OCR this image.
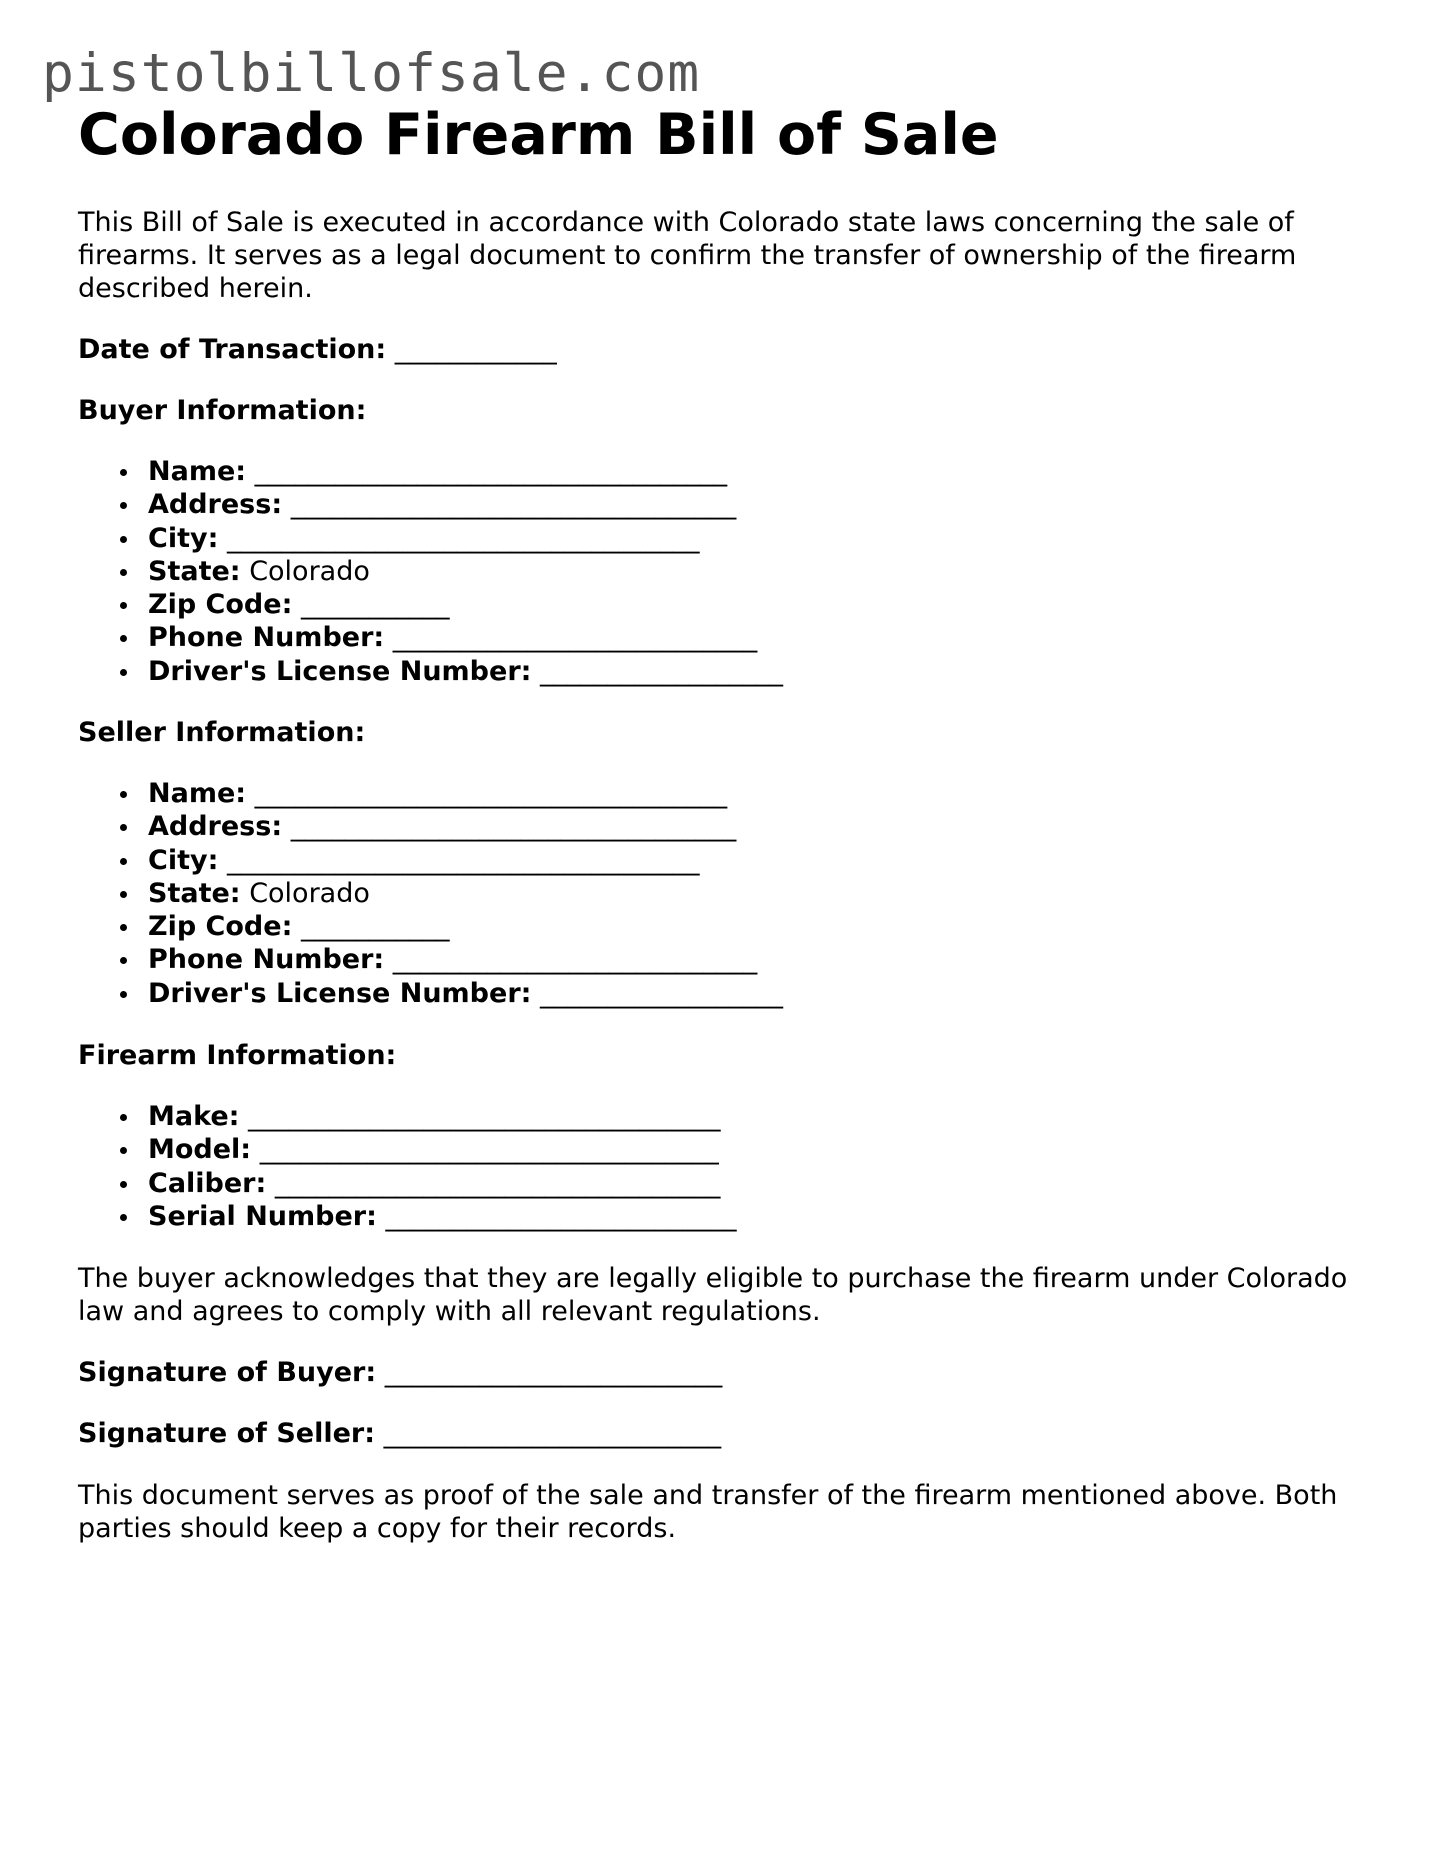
pistolbillofsale.com
Colorado Firearm Bill of Sale

This Bill of Sale is executed in accordance with Colorado state laws concerning the sale of firearms. It serves as a legal document to confirm the transfer of ownership of the firearm described herein.

Date of Transaction: ____________

Buyer Information:

Name: ___________________________________
Address: _________________________________
City: ___________________________________
State: Colorado
Zip Code: ___________
Phone Number: ___________________________
Driver's License Number: __________________

Seller Information:

Name: ___________________________________
Address: _________________________________
City: ___________________________________
State: Colorado
Zip Code: ___________
Phone Number: ___________________________
Driver's License Number: __________________

Firearm Information:

Make: ___________________________________
Model: __________________________________
Caliber: _________________________________
Serial Number: __________________________

The buyer acknowledges that they are legally eligible to purchase the firearm under Colorado law and agrees to comply with all relevant regulations.

Signature of Buyer: _________________________

Signature of Seller: _________________________

This document serves as proof of the sale and transfer of the firearm mentioned above. Both parties should keep a copy for their records.
